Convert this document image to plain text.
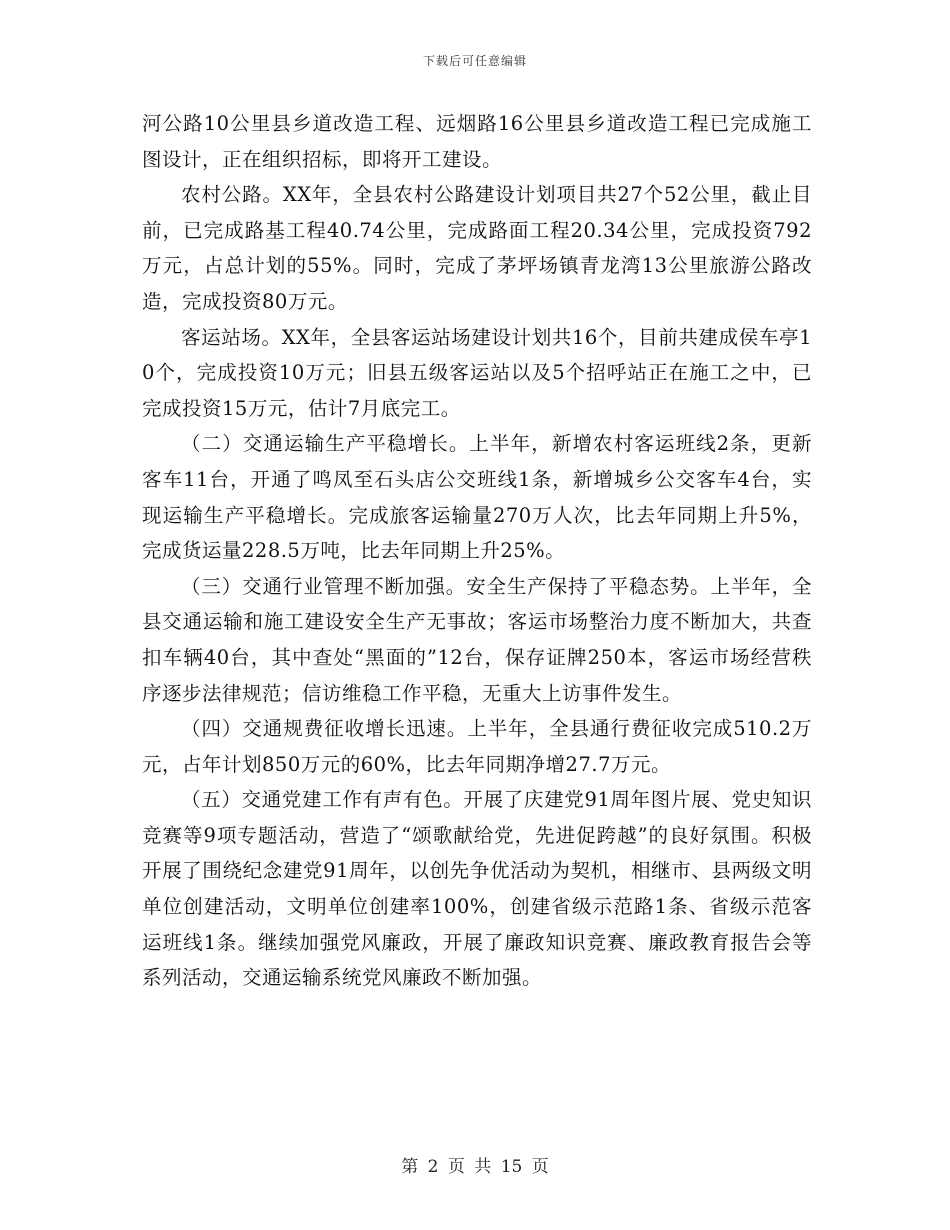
下载后可任意编辑

河公路10公里县乡道改造工程、远烟路16公里县乡道改造工程已完成施工图设计，正在组织招标，即将开工建设。

农村公路。XX年，全县农村公路建设计划项目共27个52公里，截止目前，已完成路基工程40.74公里，完成路面工程20.34公里，完成投资792万元，占总计划的55%。同时，完成了茅坪场镇青龙湾13公里旅游公路改造，完成投资80万元。

客运站场。XX年，全县客运站场建设计划共16个，目前共建成侯车亭10个，完成投资10万元；旧县五级客运站以及5个招呼站正在施工之中，已完成投资15万元，估计7月底完工。

（二）交通运输生产平稳增长。上半年，新增农村客运班线2条，更新客车11台，开通了鸣凤至石头店公交班线1条，新增城乡公交客车4台，实现运输生产平稳增长。完成旅客运输量270万人次，比去年同期上升5%，完成货运量228.5万吨，比去年同期上升25%。

（三）交通行业管理不断加强。安全生产保持了平稳态势。上半年，全县交通运输和施工建设安全生产无事故；客运市场整治力度不断加大，共查扣车辆40台，其中查处“黑面的”12台，保存证牌250本，客运市场经营秩序逐步法律规范；信访维稳工作平稳，无重大上访事件发生。

（四）交通规费征收增长迅速。上半年，全县通行费征收完成510.2万元，占年计划850万元的60%，比去年同期净增27.7万元。

（五）交通党建工作有声有色。开展了庆建党91周年图片展、党史知识竞赛等9项专题活动，营造了“颂歌献给党，先进促跨越”的良好氛围。积极开展了围绕纪念建党91周年，以创先争优活动为契机，相继市、县两级文明单位创建活动，文明单位创建率100%，创建省级示范路1条、省级示范客运班线1条。继续加强党风廉政，开展了廉政知识竞赛、廉政教育报告会等系列活动，交通运输系统党风廉政不断加强。

第 2 页 共 15 页
